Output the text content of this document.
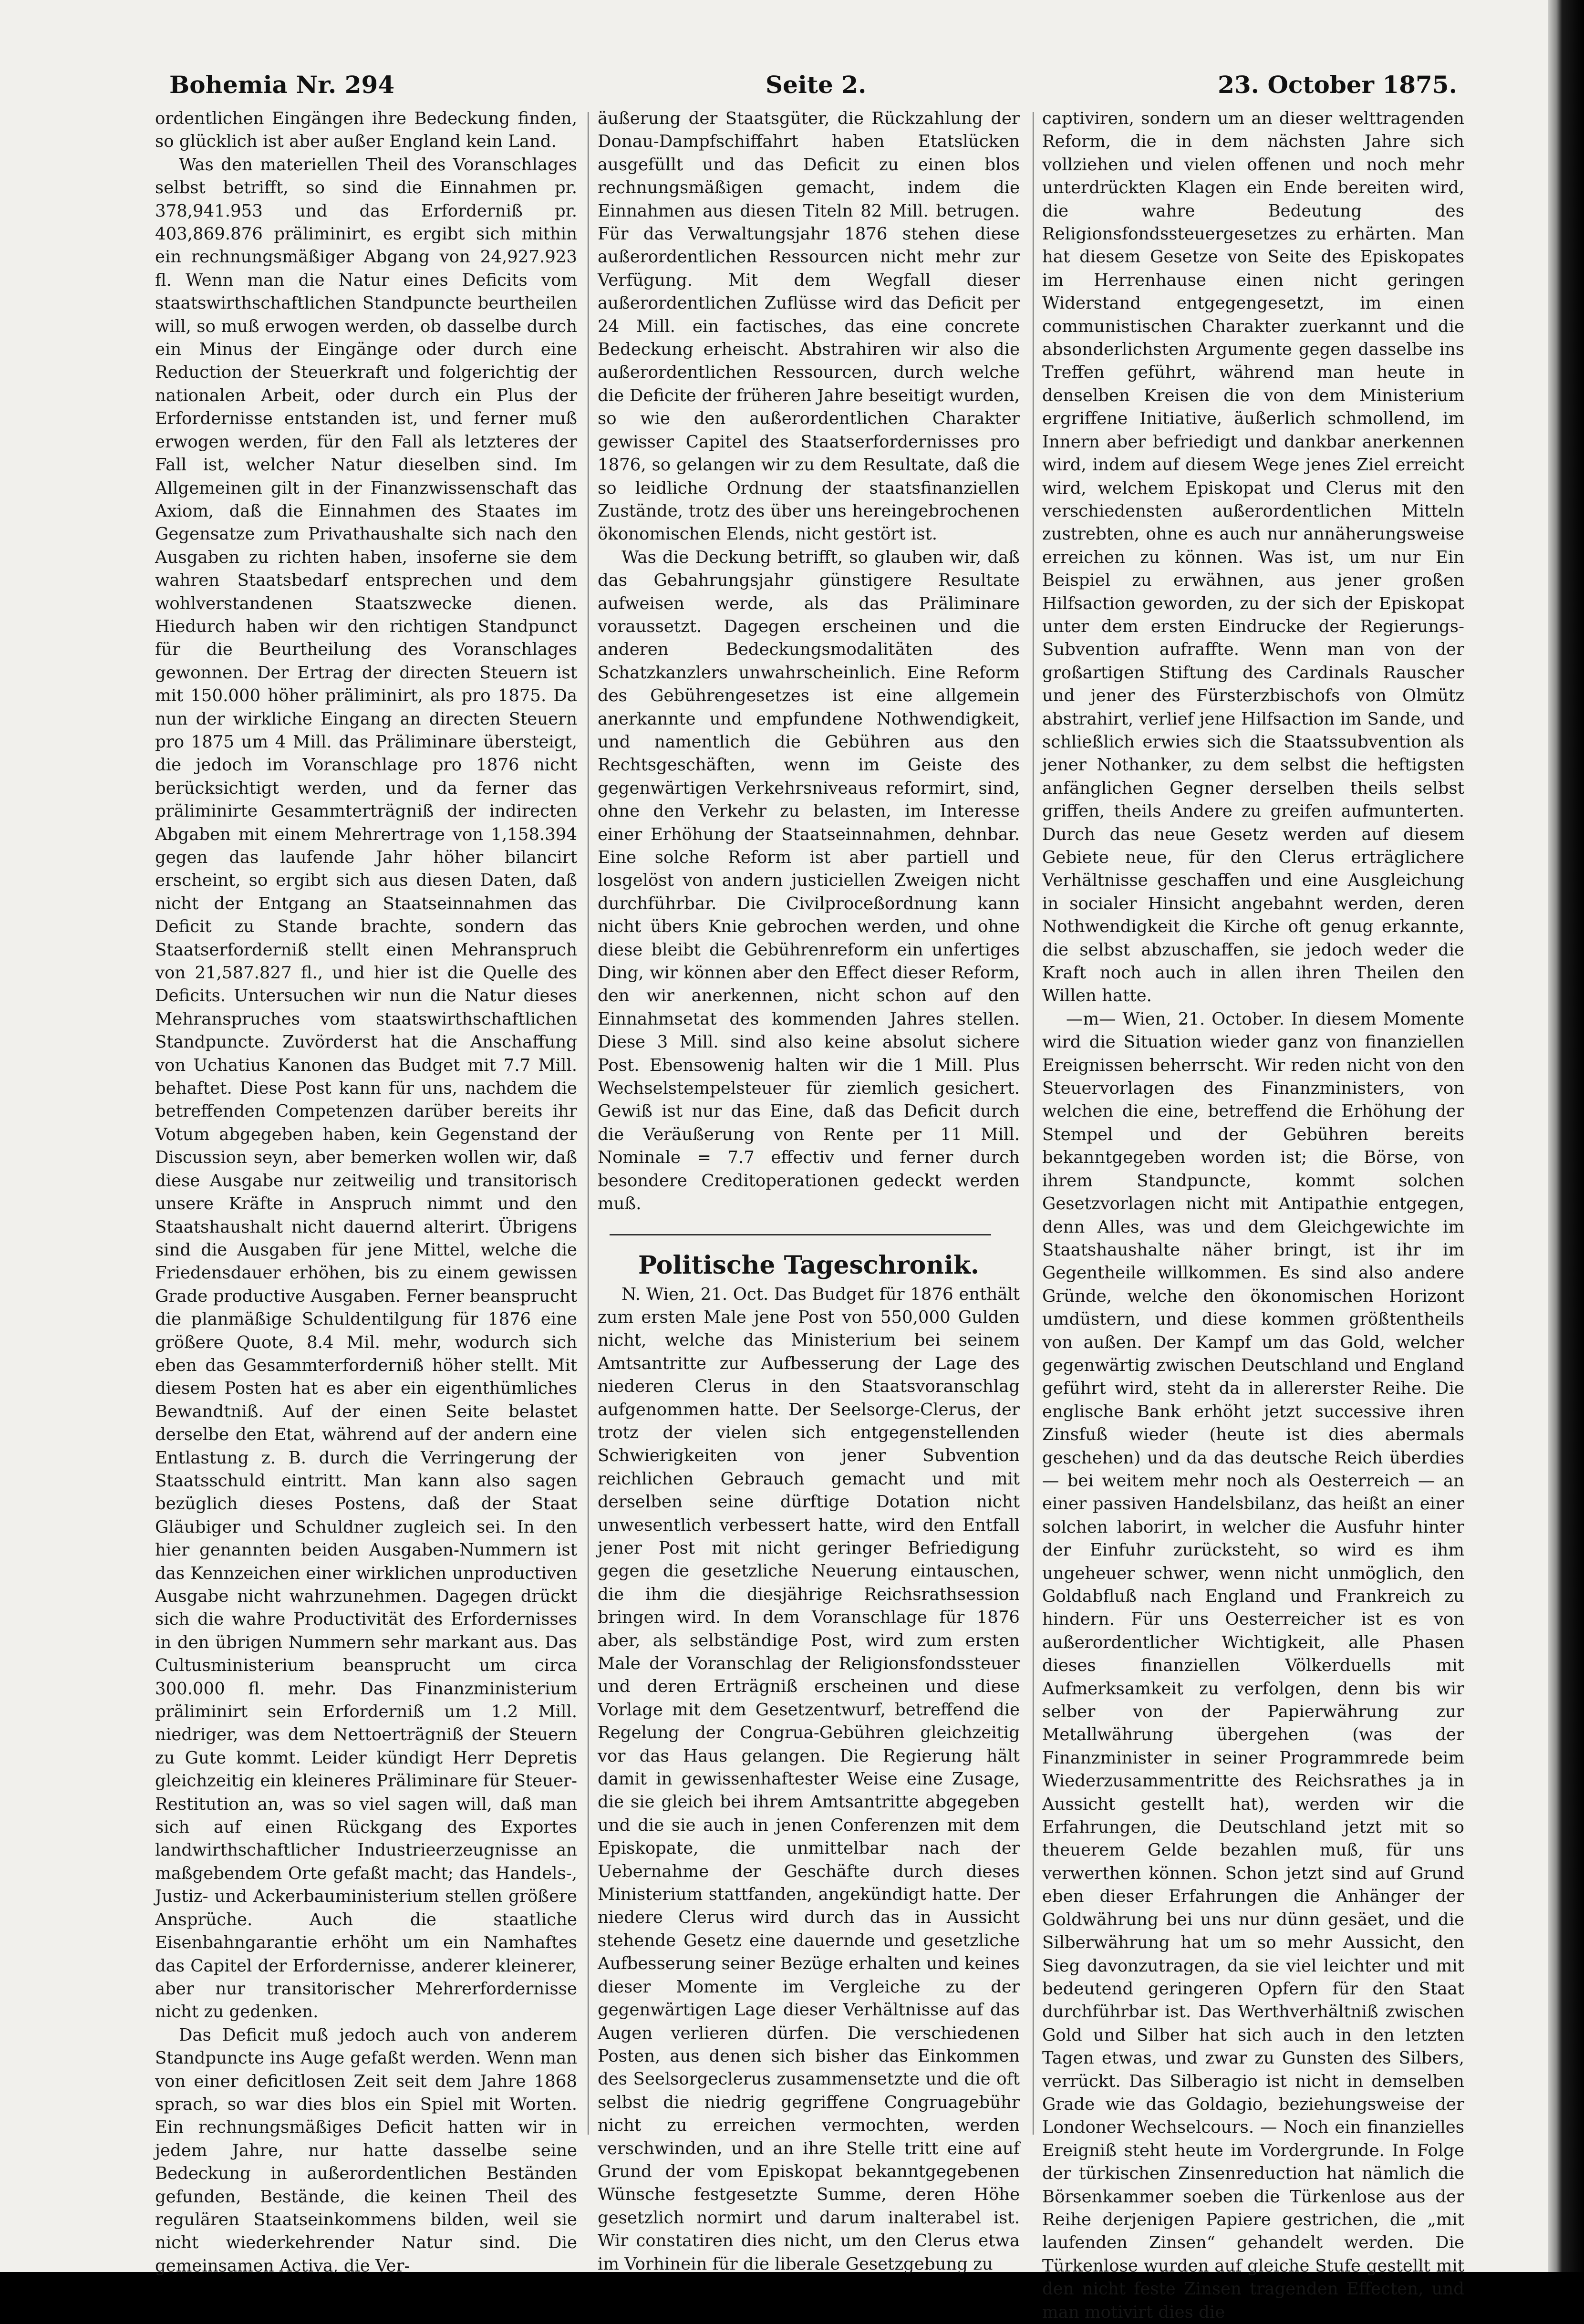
Bohemia Nr. 294	Seite 2.	23. October 1875.

ordentlichen Eingängen ihre Bedeckung finden, so glücklich ist aber außer England kein Land.

Was den materiellen Theil des Voranschlages selbst betrifft, so sind die Einnahmen pr. 378,941.953 und das Erforderniß pr. 403,869.876 präliminirt, es ergibt sich mithin ein rechnungsmäßiger Abgang von 24,927.923 fl. Wenn man die Natur eines Deficits vom staatswirthschaftlichen Standpuncte beurtheilen will, so muß erwogen werden, ob dasselbe durch ein Minus der Eingänge oder durch eine Reduction der Steuerkraft und folgerichtig der nationalen Arbeit, oder durch ein Plus der Erfordernisse entstanden ist, und ferner muß erwogen werden, für den Fall als letzteres der Fall ist, welcher Natur dieselben sind. Im Allgemeinen gilt in der Finanzwissenschaft das Axiom, daß die Einnahmen des Staates im Gegensatze zum Privathaushalte sich nach den Ausgaben zu richten haben, insoferne sie dem wahren Staatsbedarf entsprechen und dem wohlverstandenen Staatszwecke dienen. Hiedurch haben wir den richtigen Standpunct für die Beurtheilung des Voranschlages gewonnen. Der Ertrag der directen Steuern ist mit 150.000 höher präliminirt, als pro 1875. Da nun der wirkliche Eingang an directen Steuern pro 1875 um 4 Mill. das Präliminare übersteigt, die jedoch im Voranschlage pro 1876 nicht berücksichtigt werden, und da ferner das präliminirte Gesammterträgniß der indirecten Abgaben mit einem Mehrertrage von 1,158.394 gegen das laufende Jahr höher bilancirt erscheint, so ergibt sich aus diesen Daten, daß nicht der Entgang an Staatseinnahmen das Deficit zu Stande brachte, sondern das Staatserforderniß stellt einen Mehranspruch von 21,587.827 fl., und hier ist die Quelle des Deficits. Untersuchen wir nun die Natur dieses Mehranspruches vom staatswirthschaftlichen Standpuncte. Zuvörderst hat die Anschaffung von Uchatius Kanonen das Budget mit 7.7 Mill. behaftet. Diese Post kann für uns, nachdem die betreffenden Competenzen darüber bereits ihr Votum abgegeben haben, kein Gegenstand der Discussion seyn, aber bemerken wollen wir, daß diese Ausgabe nur zeitweilig und transitorisch unsere Kräfte in Anspruch nimmt und den Staatshaushalt nicht dauernd alterirt. Übrigens sind die Ausgaben für jene Mittel, welche die Friedensdauer erhöhen, bis zu einem gewissen Grade productive Ausgaben. Ferner beansprucht die planmäßige Schuldentilgung für 1876 eine größere Quote, 8.4 Mil. mehr, wodurch sich eben das Gesammterforderniß höher stellt. Mit diesem Posten hat es aber ein eigenthümliches Bewandtniß. Auf der einen Seite belastet derselbe den Etat, während auf der andern eine Entlastung z. B. durch die Verringerung der Staatsschuld eintritt. Man kann also sagen bezüglich dieses Postens, daß der Staat Gläubiger und Schuldner zugleich sei. In den hier genannten beiden Ausgaben-Nummern ist das Kennzeichen einer wirklichen unproductiven Ausgabe nicht wahrzunehmen. Dagegen drückt sich die wahre Productivität des Erfordernisses in den übrigen Nummern sehr markant aus. Das Cultusministerium beansprucht um circa 300.000 fl. mehr. Das Finanzministerium präliminirt sein Erforderniß um 1.2 Mill. niedriger, was dem Nettoerträgniß der Steuern zu Gute kommt. Leider kündigt Herr Depretis gleichzeitig ein kleineres Präliminare für Steuer-Restitution an, was so viel sagen will, daß man sich auf einen Rückgang des Exportes landwirthschaftlicher Industrieerzeugnisse an maßgebendem Orte gefaßt macht; das Handels-, Justiz- und Ackerbauministerium stellen größere Ansprüche. Auch die staatliche Eisenbahngarantie erhöht um ein Namhaftes das Capitel der Erfordernisse, anderer kleinerer, aber nur transitorischer Mehrerfordernisse nicht zu gedenken.

Das Deficit muß jedoch auch von anderem Standpuncte ins Auge gefaßt werden. Wenn man von einer deficitlosen Zeit seit dem Jahre 1868 sprach, so war dies blos ein Spiel mit Worten. Ein rechnungsmäßiges Deficit hatten wir in jedem Jahre, nur hatte dasselbe seine Bedeckung in außerordentlichen Beständen gefunden, Bestände, die keinen Theil des regulären Staatseinkommens bilden, weil sie nicht wiederkehrender Natur sind. Die gemeinsamen Activa, die Ver-

äußerung der Staatsgüter, die Rückzahlung der Donau-Dampfschiffahrt haben Etatslücken ausgefüllt und das Deficit zu einen blos rechnungsmäßigen gemacht, indem die Einnahmen aus diesen Titeln 82 Mill. betrugen. Für das Verwaltungsjahr 1876 stehen diese außerordentlichen Ressourcen nicht mehr zur Verfügung. Mit dem Wegfall dieser außerordentlichen Zuflüsse wird das Deficit per 24 Mill. ein factisches, das eine concrete Bedeckung erheischt. Abstrahiren wir also die außerordentlichen Ressourcen, durch welche die Deficite der früheren Jahre beseitigt wurden, so wie den außerordentlichen Charakter gewisser Capitel des Staatserfordernisses pro 1876, so gelangen wir zu dem Resultate, daß die so leidliche Ordnung der staatsfinanziellen Zustände, trotz des über uns hereingebrochenen ökonomischen Elends, nicht gestört ist.

Was die Deckung betrifft, so glauben wir, daß das Gebahrungsjahr günstigere Resultate aufweisen werde, als das Präliminare voraussetzt. Dagegen erscheinen und die anderen Bedeckungsmodalitäten des Schatzkanzlers unwahrscheinlich. Eine Reform des Gebührengesetzes ist eine allgemein anerkannte und empfundene Nothwendigkeit, und namentlich die Gebühren aus den Rechtsgeschäften, wenn im Geiste des gegenwärtigen Verkehrsniveaus reformirt, sind, ohne den Verkehr zu belasten, im Interesse einer Erhöhung der Staatseinnahmen, dehnbar. Eine solche Reform ist aber partiell und losgelöst von andern justiciellen Zweigen nicht durchführbar. Die Civilproceßordnung kann nicht übers Knie gebrochen werden, und ohne diese bleibt die Gebührenreform ein unfertiges Ding, wir können aber den Effect dieser Reform, den wir anerkennen, nicht schon auf den Einnahmsetat des kommenden Jahres stellen. Diese 3 Mill. sind also keine absolut sichere Post. Ebensowenig halten wir die 1 Mill. Plus Wechselstempelsteuer für ziemlich gesichert. Gewiß ist nur das Eine, daß das Deficit durch die Veräußerung von Rente per 11 Mill. Nominale = 7.7 effectiv und ferner durch besondere Creditoperationen gedeckt werden muß.

Politische Tageschronik.

N. Wien, 21. Oct. Das Budget für 1876 enthält zum ersten Male jene Post von 550,000 Gulden nicht, welche das Ministerium bei seinem Amtsantritte zur Aufbesserung der Lage des niederen Clerus in den Staatsvoranschlag aufgenommen hatte. Der Seelsorge-Clerus, der trotz der vielen sich entgegenstellenden Schwierigkeiten von jener Subvention reichlichen Gebrauch gemacht und mit derselben seine dürftige Dotation nicht unwesentlich verbessert hatte, wird den Entfall jener Post mit nicht geringer Befriedigung gegen die gesetzliche Neuerung eintauschen, die ihm die diesjährige Reichsrathsession bringen wird. In dem Voranschlage für 1876 aber, als selbständige Post, wird zum ersten Male der Voranschlag der Religionsfondssteuer und deren Erträgniß erscheinen und diese Vorlage mit dem Gesetzentwurf, betreffend die Regelung der Congrua-Gebühren gleichzeitig vor das Haus gelangen. Die Regierung hält damit in gewissenhaftester Weise eine Zusage, die sie gleich bei ihrem Amtsantritte abgegeben und die sie auch in jenen Conferenzen mit dem Episkopate, die unmittelbar nach der Uebernahme der Geschäfte durch dieses Ministerium stattfanden, angekündigt hatte. Der niedere Clerus wird durch das in Aussicht stehende Gesetz eine dauernde und gesetzliche Aufbesserung seiner Bezüge erhalten und keines dieser Momente im Vergleiche zu der gegenwärtigen Lage dieser Verhältnisse auf das Augen verlieren dürfen. Die verschiedenen Posten, aus denen sich bisher das Einkommen des Seelsorgeclerus zusammensetzte und die oft selbst die niedrig gegriffene Congruagebühr nicht zu erreichen vermochten, werden verschwinden, und an ihre Stelle tritt eine auf Grund der vom Episkopat bekanntgegebenen Wünsche festgesetzte Summe, deren Höhe gesetzlich normirt und darum inalterabel ist. Wir constatiren dies nicht, um den Clerus etwa im Vorhinein für die liberale Gesetzgebung zu

captiviren, sondern um an dieser welttragenden Reform, die in dem nächsten Jahre sich vollziehen und vielen offenen und noch mehr unterdrückten Klagen ein Ende bereiten wird, die wahre Bedeutung des Religionsfondssteuergesetzes zu erhärten. Man hat diesem Gesetze von Seite des Episkopates im Herrenhause einen nicht geringen Widerstand entgegengesetzt, im einen communistischen Charakter zuerkannt und die absonderlichsten Argumente gegen dasselbe ins Treffen geführt, während man heute in denselben Kreisen die von dem Ministerium ergriffene Initiative, äußerlich schmollend, im Innern aber befriedigt und dankbar anerkennen wird, indem auf diesem Wege jenes Ziel erreicht wird, welchem Episkopat und Clerus mit den verschiedensten außerordentlichen Mitteln zustrebten, ohne es auch nur annäherungsweise erreichen zu können. Was ist, um nur Ein Beispiel zu erwähnen, aus jener großen Hilfsaction geworden, zu der sich der Episkopat unter dem ersten Eindrucke der Regierungs-Subvention aufraffte. Wenn man von der großartigen Stiftung des Cardinals Rauscher und jener des Fürsterzbischofs von Olmütz abstrahirt, verlief jene Hilfsaction im Sande, und schließlich erwies sich die Staatssubvention als jener Nothanker, zu dem selbst die heftigsten anfänglichen Gegner derselben theils selbst griffen, theils Andere zu greifen aufmunterten. Durch das neue Gesetz werden auf diesem Gebiete neue, für den Clerus erträglichere Verhältnisse geschaffen und eine Ausgleichung in socialer Hinsicht angebahnt werden, deren Nothwendigkeit die Kirche oft genug erkannte, die selbst abzuschaffen, sie jedoch weder die Kraft noch auch in allen ihren Theilen den Willen hatte.

—m— Wien, 21. October. In diesem Momente wird die Situation wieder ganz von finanziellen Ereignissen beherrscht. Wir reden nicht von den Steuervorlagen des Finanzministers, von welchen die eine, betreffend die Erhöhung der Stempel und der Gebühren bereits bekanntgegeben worden ist; die Börse, von ihrem Standpuncte, kommt solchen Gesetzvorlagen nicht mit Antipathie entgegen, denn Alles, was und dem Gleichgewichte im Staatshaushalte näher bringt, ist ihr im Gegentheile willkommen. Es sind also andere Gründe, welche den ökonomischen Horizont umdüstern, und diese kommen größtentheils von außen. Der Kampf um das Gold, welcher gegenwärtig zwischen Deutschland und England geführt wird, steht da in allererster Reihe. Die englische Bank erhöht jetzt successive ihren Zinsfuß wieder (heute ist dies abermals geschehen) und da das deutsche Reich überdies — bei weitem mehr noch als Oesterreich — an einer passiven Handelsbilanz, das heißt an einer solchen laborirt, in welcher die Ausfuhr hinter der Einfuhr zurücksteht, so wird es ihm ungeheuer schwer, wenn nicht unmöglich, den Goldabfluß nach England und Frankreich zu hindern. Für uns Oesterreicher ist es von außerordentlicher Wichtigkeit, alle Phasen dieses finanziellen Völkerduells mit Aufmerksamkeit zu verfolgen, denn bis wir selber von der Papierwährung zur Metallwährung übergehen (was der Finanzminister in seiner Programmrede beim Wiederzusammentritte des Reichsrathes ja in Aussicht gestellt hat), werden wir die Erfahrungen, die Deutschland jetzt mit so theuerem Gelde bezahlen muß, für uns verwerthen können. Schon jetzt sind auf Grund eben dieser Erfahrungen die Anhänger der Goldwährung bei uns nur dünn gesäet, und die Silberwährung hat um so mehr Aussicht, den Sieg davonzutragen, da sie viel leichter und mit bedeutend geringeren Opfern für den Staat durchführbar ist. Das Werthverhältniß zwischen Gold und Silber hat sich auch in den letzten Tagen etwas, und zwar zu Gunsten des Silbers, verrückt. Das Silberagio ist nicht in demselben Grade wie das Goldagio, beziehungsweise der Londoner Wechselcours. — Noch ein finanzielles Ereigniß steht heute im Vordergrunde. In Folge der türkischen Zinsenreduction hat nämlich die Börsenkammer soeben die Türkenlose aus der Reihe derjenigen Papiere gestrichen, die „mit laufenden Zinsen“ gehandelt werden. Die Türkenlose wurden auf gleiche Stufe gestellt mit den nicht feste Zinsen tragenden Effecten, und man motivirt dies die
